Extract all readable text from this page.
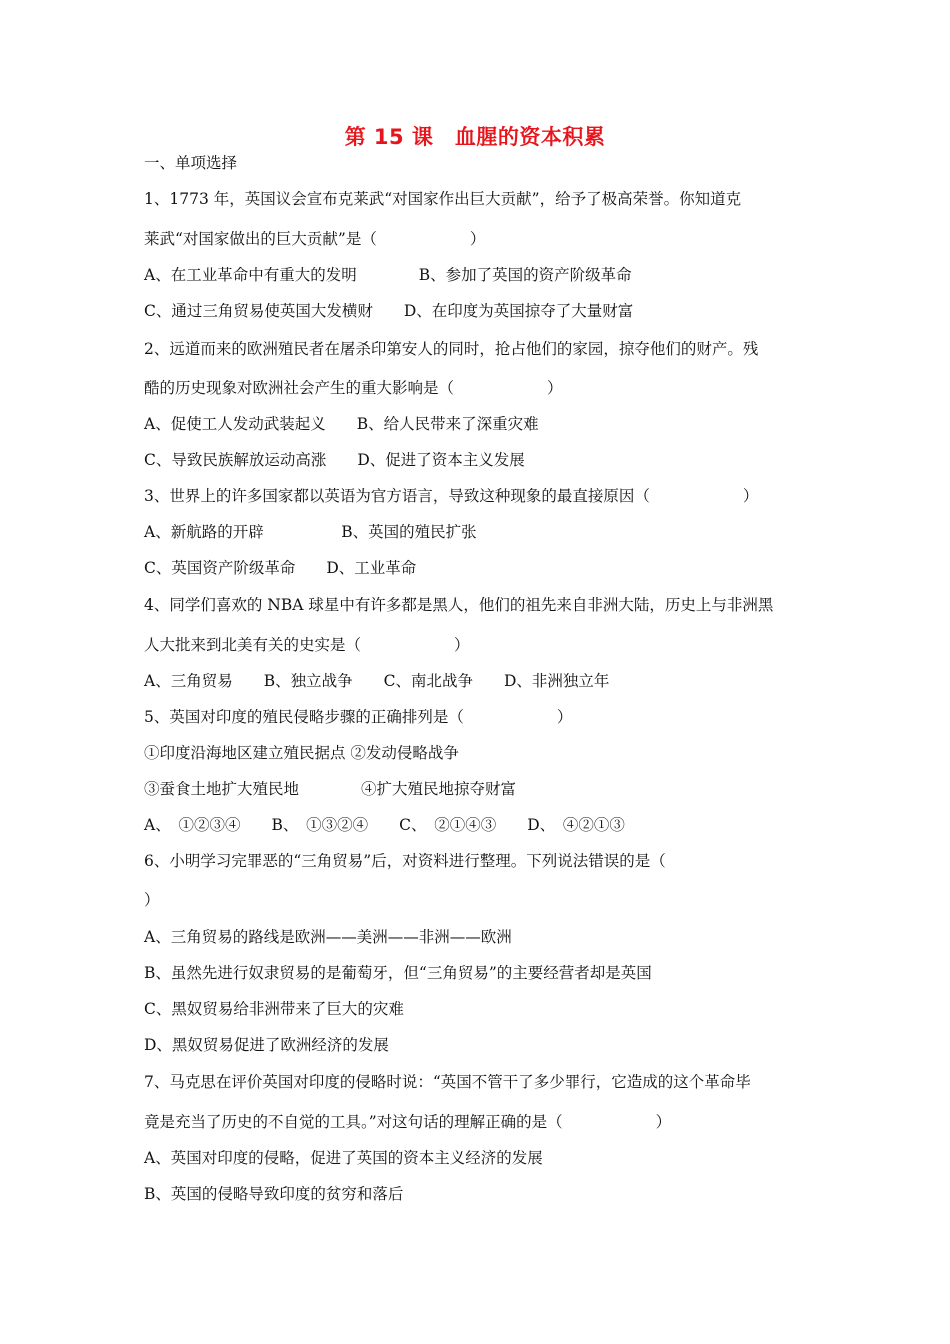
第 15 课　血腥的资本积累
一、单项选择
1、1773 年，英国议会宣布克莱武“对国家作出巨大贡献”，给予了极高荣誉。你知道克
莱武“对国家做出的巨大贡献”是（　　　　　　）
A、在工业革命中有重大的发明　　　　B、参加了英国的资产阶级革命
C、通过三角贸易使英国大发横财　　D、在印度为英国掠夺了大量财富
2、远道而来的欧洲殖民者在屠杀印第安人的同时，抢占他们的家园，掠夺他们的财产。残
酷的历史现象对欧洲社会产生的重大影响是（　　　　　　）
A、促使工人发动武装起义　　B、给人民带来了深重灾难
C、导致民族解放运动高涨　　D、促进了资本主义发展
3、世界上的许多国家都以英语为官方语言，导致这种现象的最直接原因（　　　　　　）
A、新航路的开辟　　　　　B、英国的殖民扩张
C、英国资产阶级革命　　D、工业革命
4、同学们喜欢的 NBA 球星中有许多都是黑人，他们的祖先来自非洲大陆，历史上与非洲黑
人大批来到北美有关的史实是（　　　　　　）
A、三角贸易　　B、独立战争　　C、南北战争　　D、非洲独立年
5、英国对印度的殖民侵略步骤的正确排列是（　　　　　　）
①印度沿海地区建立殖民据点 ②发动侵略战争
③蚕食土地扩大殖民地　　　　④扩大殖民地掠夺财富
A、　①②③④　　B、　①③②④　　C、　②①④③　　D、　④②①③
6、小明学习完罪恶的“三角贸易”后，对资料进行整理。下列说法错误的是（
）
A、三角贸易的路线是欧洲——美洲——非洲——欧洲
B、虽然先进行奴隶贸易的是葡萄牙，但“三角贸易”的主要经营者却是英国
C、黑奴贸易给非洲带来了巨大的灾难
D、黑奴贸易促进了欧洲经济的发展
7、马克思在评价英国对印度的侵略时说：“英国不管干了多少罪行，它造成的这个革命毕
竟是充当了历史的不自觉的工具。”对这句话的理解正确的是（　　　　　　）
A、英国对印度的侵略，促进了英国的资本主义经济的发展
B、英国的侵略导致印度的贫穷和落后
